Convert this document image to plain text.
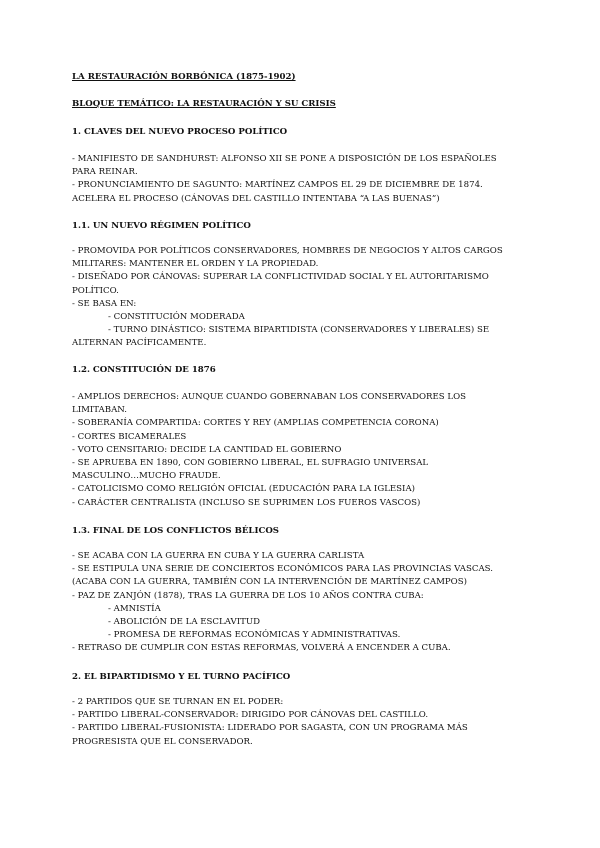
LA RESTAURACIÓN BORBÓNICA (1875-1902)

BLOQUE TEMÁTICO: LA RESTAURACIÓN Y SU CRISIS

1. CLAVES DEL NUEVO PROCESO POLÍTICO

- MANIFIESTO DE SANDHURST: ALFONSO XII SE PONE A DISPOSICIÓN DE LOS ESPAÑOLES

PARA REINAR.

- PRONUNCIAMIENTO DE SAGUNTO: MARTÍNEZ CAMPOS EL 29 DE DICIEMBRE DE 1874.

ACELERA EL PROCESO (CÁNOVAS DEL CASTILLO INTENTABA “A LAS BUENAS”)

1.1. UN NUEVO RÉGIMEN POLÍTICO

- PROMOVIDA POR POLÍTICOS CONSERVADORES, HOMBRES DE NEGOCIOS Y ALTOS CARGOS

MILITARES: MANTENER EL ORDEN Y LA PROPIEDAD.

- DISEÑADO POR CÁNOVAS: SUPERAR LA CONFLICTIVIDAD SOCIAL Y EL AUTORITARISMO

POLÍTICO.

- SE BASA EN:

- CONSTITUCIÓN MODERADA

- TURNO DINÁSTICO: SISTEMA BIPARTIDISTA (CONSERVADORES Y LIBERALES) SE

ALTERNAN PACÍFICAMENTE.

1.2. CONSTITUCIÓN DE 1876

- AMPLIOS DERECHOS: AUNQUE CUANDO GOBERNABAN LOS CONSERVADORES LOS

LIMITABAN.

- SOBERANÍA COMPARTIDA: CORTES Y REY (AMPLIAS COMPETENCIA CORONA)

- CORTES BICAMERALES

- VOTO CENSITARIO: DECIDE LA CANTIDAD EL GOBIERNO

- SE APRUEBA EN 1890, CON GOBIERNO LIBERAL, EL SUFRAGIO UNIVERSAL

MASCULINO…MUCHO FRAUDE.

- CATOLICISMO COMO RELIGIÓN OFICIAL (EDUCACIÓN PARA LA IGLESIA)

- CARÁCTER CENTRALISTA (INCLUSO SE SUPRIMEN LOS FUEROS VASCOS)

1.3. FINAL DE LOS CONFLICTOS BÉLICOS

- SE ACABA CON LA GUERRA EN CUBA Y LA GUERRA CARLISTA

- SE ESTIPULA UNA SERIE DE CONCIERTOS ECONÓMICOS PARA LAS PROVINCIAS VASCAS.

(ACABA CON LA GUERRA, TAMBIÉN CON LA INTERVENCIÓN DE MARTÍNEZ CAMPOS)

- PAZ DE ZANJÓN (1878), TRAS LA GUERRA DE LOS 10 AÑOS CONTRA CUBA:

- AMNISTÍA

- ABOLICIÓN DE LA ESCLAVITUD

- PROMESA DE REFORMAS ECONÓMICAS Y ADMINISTRATIVAS.

- RETRASO DE CUMPLIR CON ESTAS REFORMAS, VOLVERÁ A ENCENDER A CUBA.

2. EL BIPARTIDISMO Y EL TURNO PACÍFICO

- 2 PARTIDOS QUE SE TURNAN EN EL PODER:

- PARTIDO LIBERAL-CONSERVADOR: DIRIGIDO POR CÁNOVAS DEL CASTILLO.

- PARTIDO LIBERAL-FUSIONISTA: LIDERADO POR SAGASTA, CON UN PROGRAMA MÁS

PROGRESISTA QUE EL CONSERVADOR.
